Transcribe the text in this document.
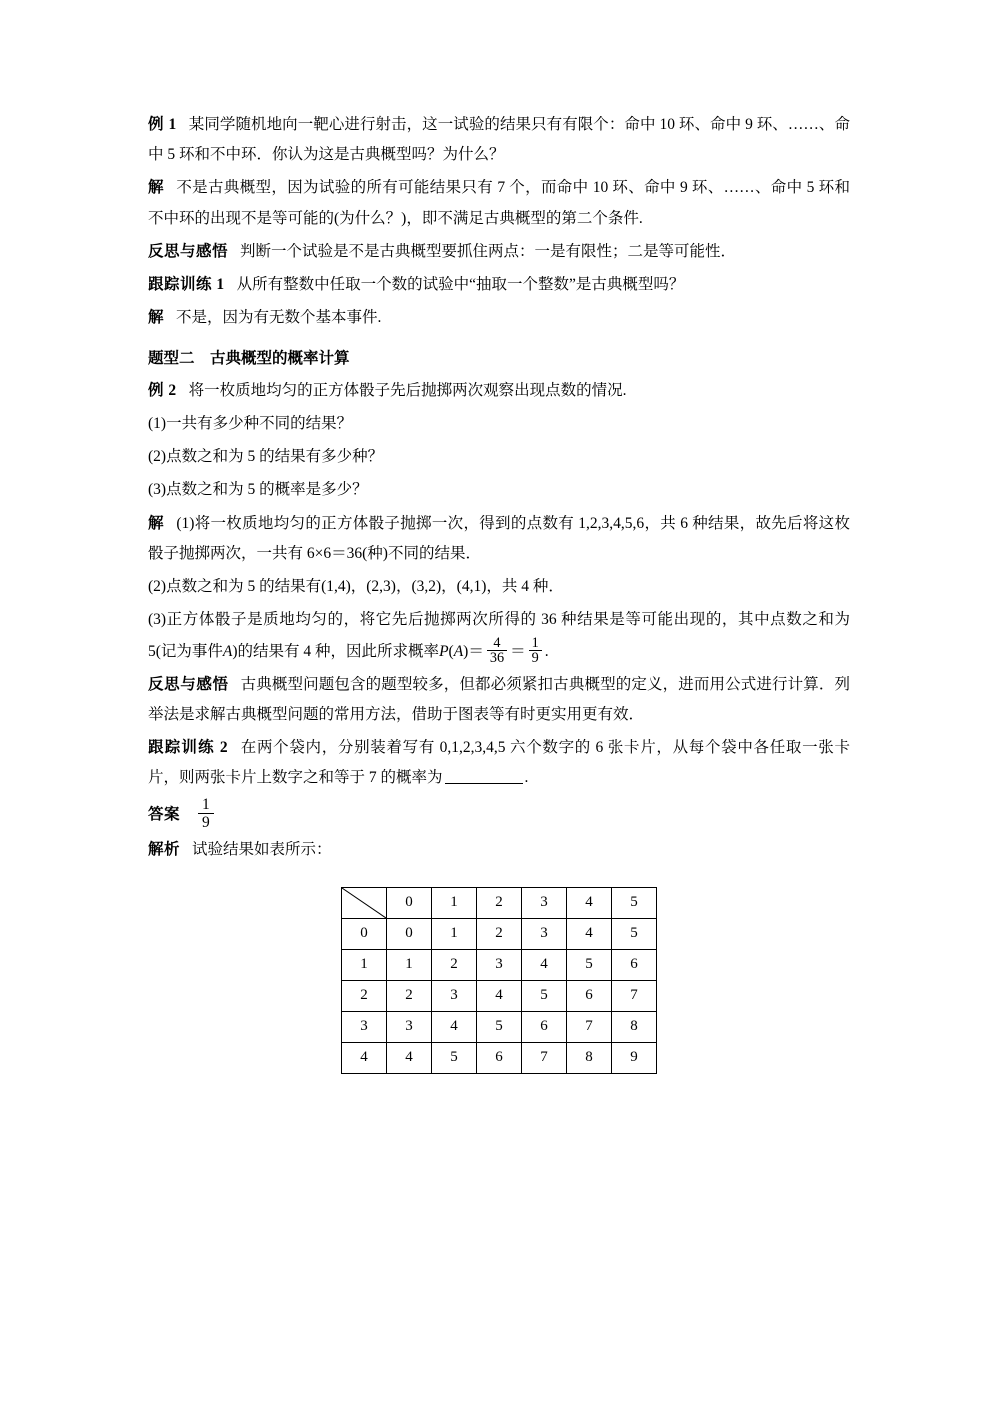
例 1 某同学随机地向一靶心进行射击，这一试验的结果只有有限个：命中 10 环、命中 9 环、……、命中 5 环和不中环．你认为这是古典概型吗？为什么？

解 不是古典概型，因为试验的所有可能结果只有 7 个，而命中 10 环、命中 9 环、……、命中 5 环和不中环的出现不是等可能的(为什么？)，即不满足古典概型的第二个条件.

反思与感悟 判断一个试验是不是古典概型要抓住两点：一是有限性；二是等可能性．

跟踪训练 1 从所有整数中任取一个数的试验中“抽取一个整数”是古典概型吗？

解 不是，因为有无数个基本事件.

题型二　古典概型的概率计算

例 2 将一枚质地均匀的正方体骰子先后抛掷两次观察出现点数的情况.

(1)一共有多少种不同的结果？

(2)点数之和为 5 的结果有多少种？

(3)点数之和为 5 的概率是多少？

解 (1)将一枚质地均匀的正方体骰子抛掷一次，得到的点数有 1,2,3,4,5,6，共 6 种结果，故先后将这枚骰子抛掷两次，一共有 6×6＝36(种)不同的结果．

(2)点数之和为 5 的结果有(1,4)，(2,3)，(3,2)，(4,1)，共 4 种．

(3)正方体骰子是质地均匀的，将它先后抛掷两次所得的 36 种结果是等可能出现的，其中点数之和为 5(记为事件A)的结果有 4 种，因此所求概率$P(A)= \frac{4}{36} = \frac{1}{9}$ .

反思与感悟 古典概型问题包含的题型较多，但都必须紧扣古典概型的定义，进而用公式进行计算．列举法是求解古典概型问题的常用方法，借助于图表等有时更实用更有效．

跟踪训练 2 在两个袋内，分别装着写有 0,1,2,3,4,5 六个数字的 6 张卡片，从每个袋中各任取一张卡片，则两张卡片上数字之和等于 7 的概率为	.

答案 $\frac{1}{9}$

解析 试验结果如表所示：

	0	1	2	3	4	5
0	0	1	2	3	4	5
1	1	2	3	4	5	6
2	2	3	4	5	6	7
3	3	4	5	6	7	8
4	4	5	6	7	8	9
